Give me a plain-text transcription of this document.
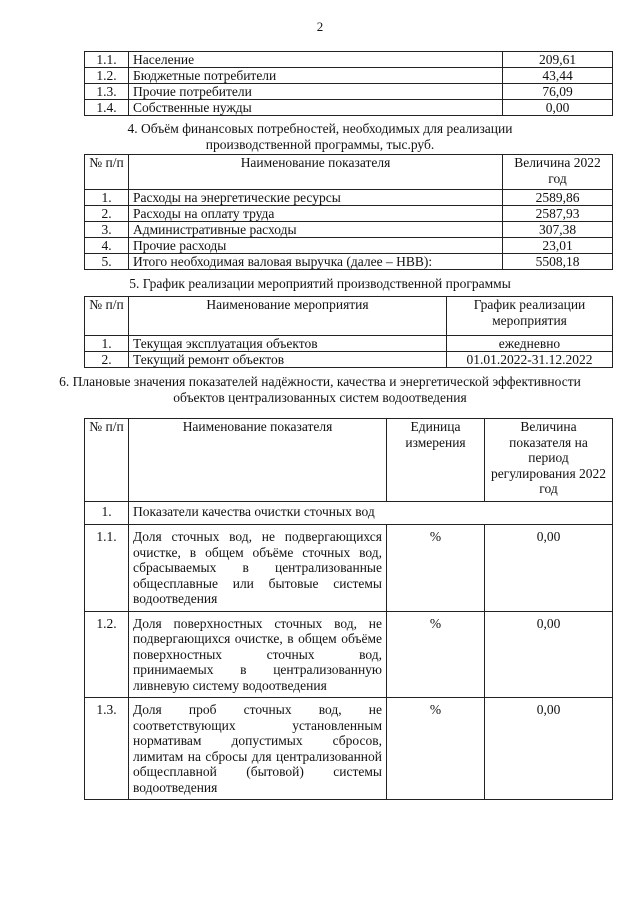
2
1.1.	Население	209,61
1.2.	Бюджетные потребители	43,44
1.3.	Прочие потребители	76,09
1.4.	Собственные нужды	0,00
4. Объём финансовых потребностей, необходимых для реализации производственной программы, тыс.руб.
№ п/п	Наименование показателя	Величина 2022 год
1.	Расходы на энергетические ресурсы	2589,86
2.	Расходы на оплату труда	2587,93
3.	Административные расходы	307,38
4.	Прочие расходы	23,01
5.	Итого необходимая валовая выручка (далее – НВВ):	5508,18
5. График реализации мероприятий производственной программы
№ п/п	Наименование мероприятия	График реализации мероприятия
1.	Текущая эксплуатация объектов	ежедневно
2.	Текущий ремонт объектов	01.01.2022-31.12.2022
6. Плановые значения показателей надёжности, качества и энергетической эффективности объектов централизованных систем водоотведения
№ п/п	Наименование показателя	Единица измерения	Величина показателя на период регулирования 2022 год
1.	Показатели качества очистки сточных вод		
1.1.	Доля сточных вод, не подвергающихся очистке, в общем объёме сточных вод, сбрасываемых в централизованные общесплавные или бытовые системы водоотведения	%	0,00
1.2.	Доля поверхностных сточных вод, не подвергающихся очистке, в общем объёме поверхностных сточных вод, принимаемых в централизованную ливневую систему водоотведения	%	0,00
1.3.	Доля проб сточных вод, не соответствующих установленным нормативам допустимых сбросов, лимитам на сбросы для централизованной общесплавной (бытовой) системы водоотведения	%	0,00
